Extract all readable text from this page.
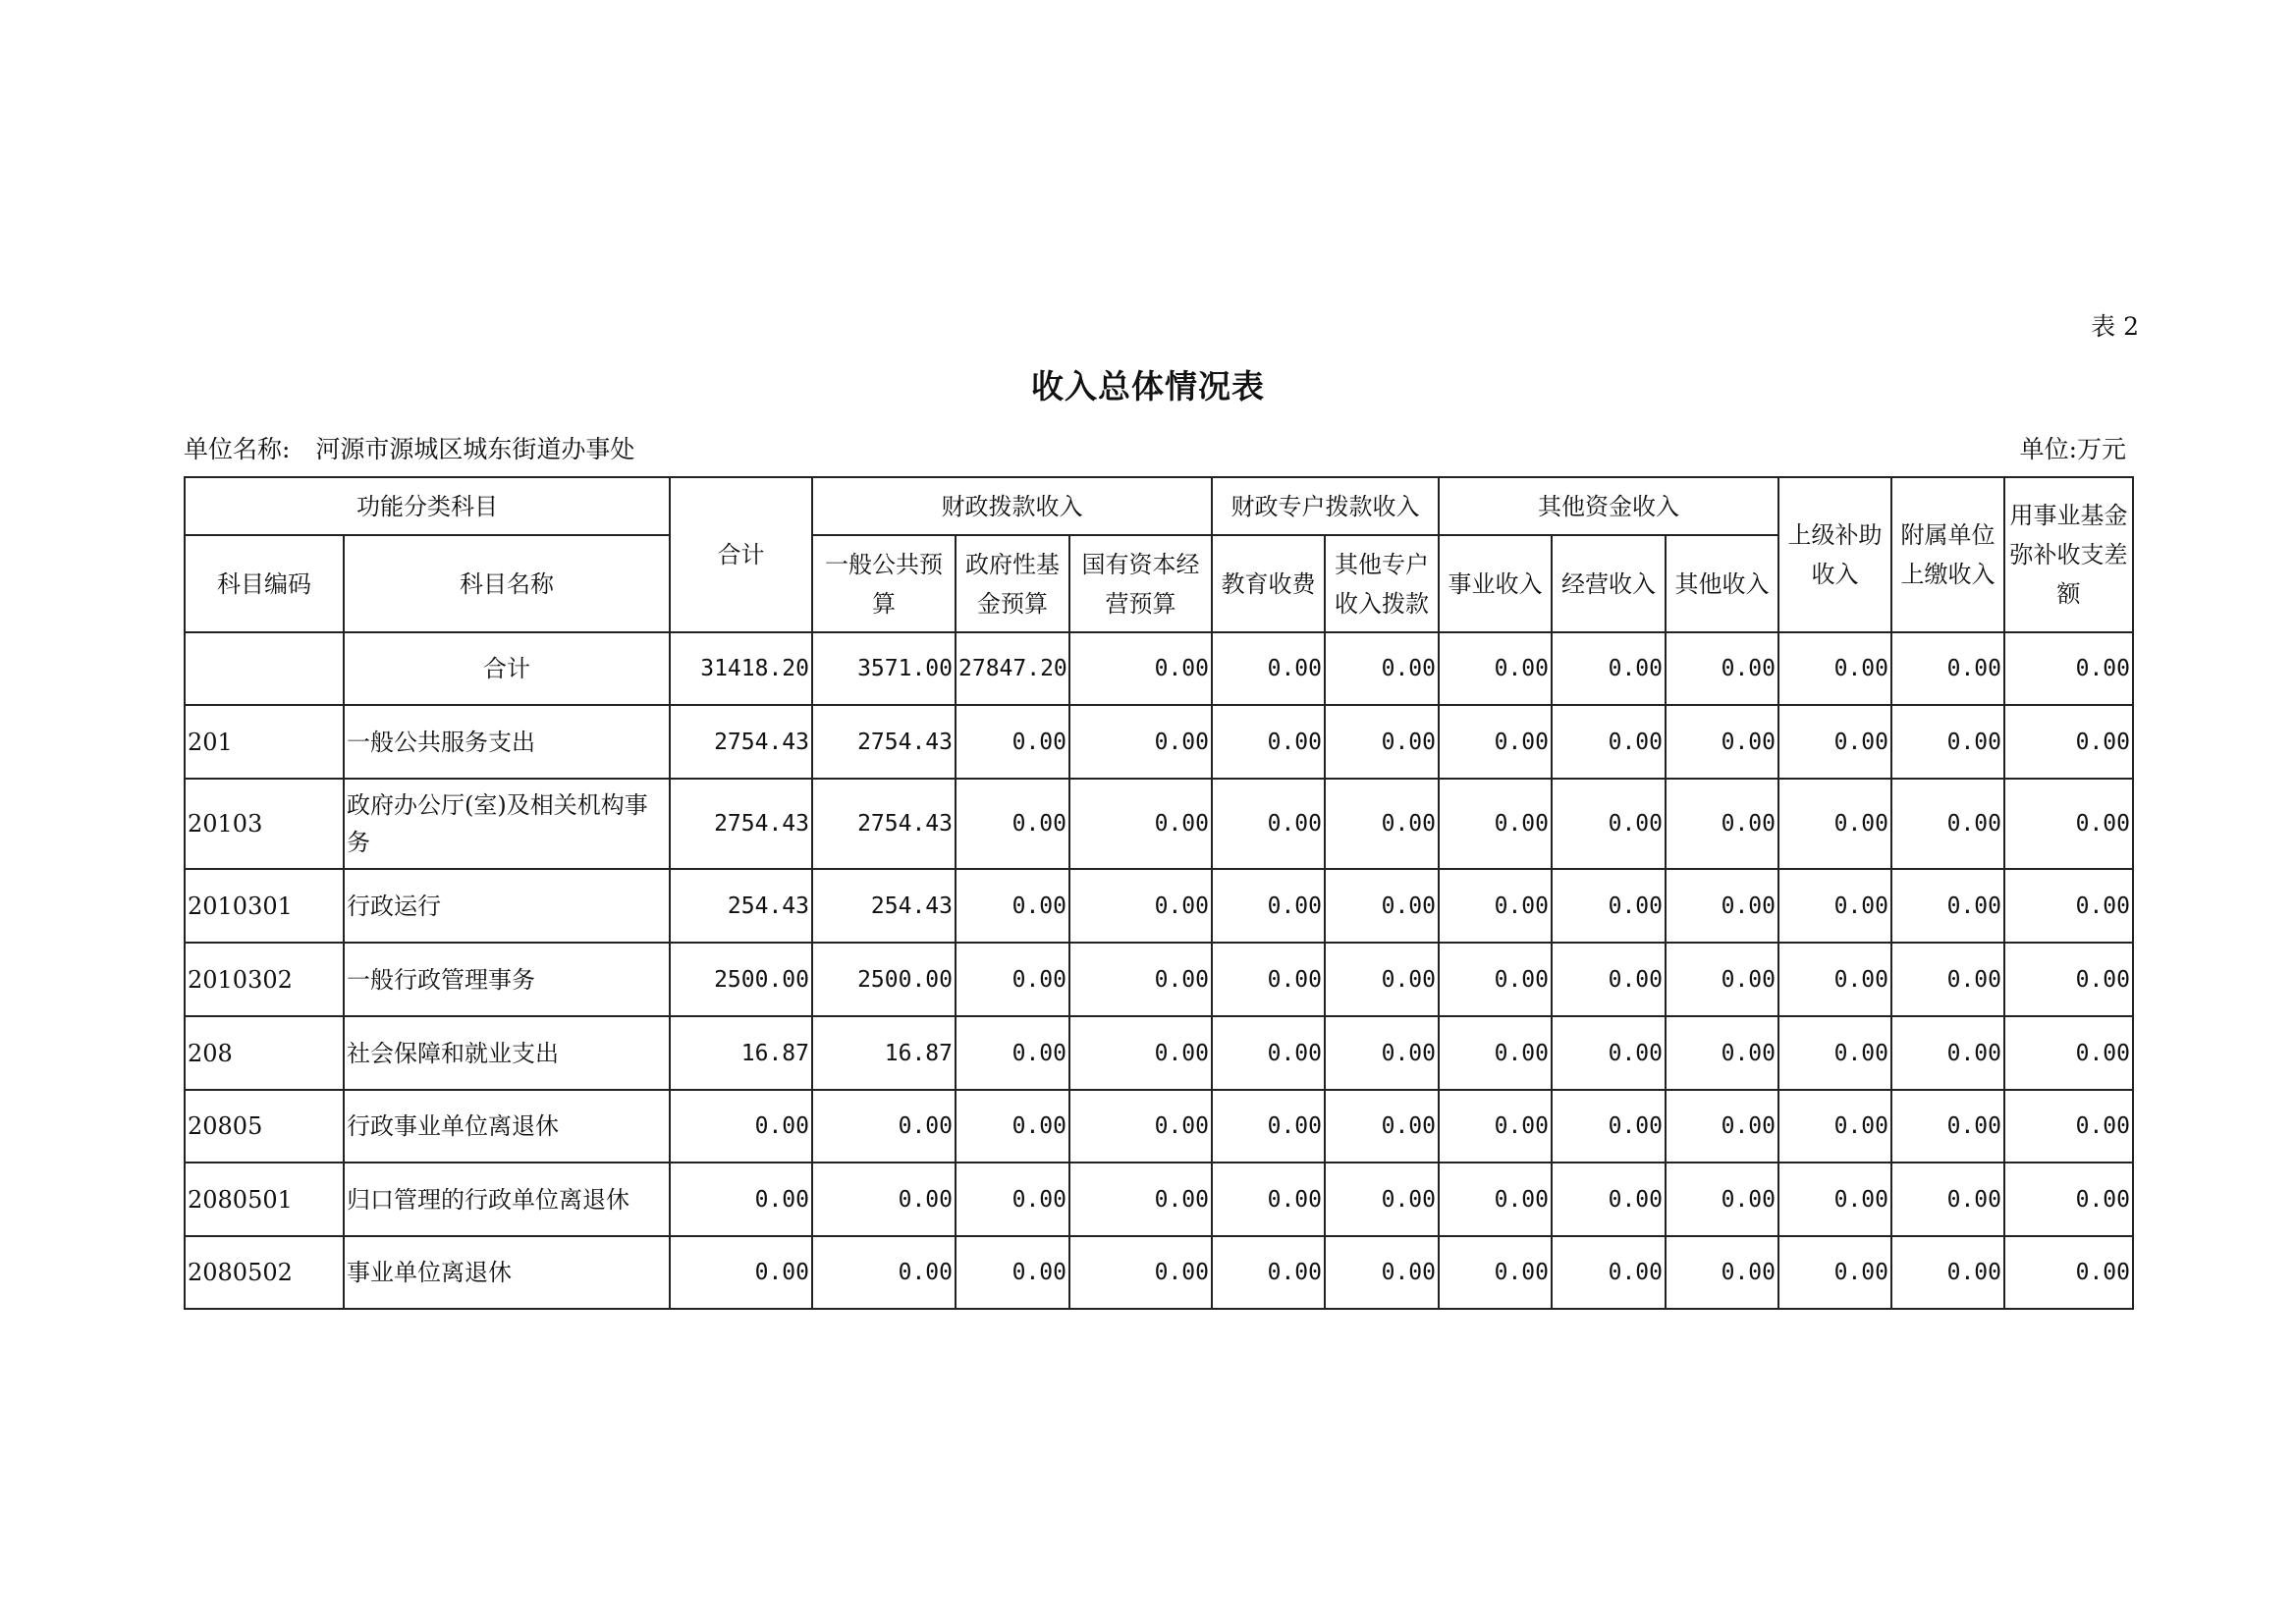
表 2
收入总体情况表
单位名称: 河源市源城区城东街道办事处	单位:万元
功能分类科目		合计	财政拨款收入			财政专户拨款收入		其他资金收入			上级补助收入	附属单位上缴收入	用事业基金弥补收支差额
科目编码	科目名称		一般公共预算	政府性基金预算	国有资本经营预算	教育收费	其他专户收入拨款	事业收入	经营收入	其他收入			
	合计	31418.20	3571.00	27847.20	0.00	0.00	0.00	0.00	0.00	0.00	0.00	0.00	0.00
201	一般公共服务支出	2754.43	2754.43	0.00	0.00	0.00	0.00	0.00	0.00	0.00	0.00	0.00	0.00
20103	政府办公厅(室)及相关机构事务	2754.43	2754.43	0.00	0.00	0.00	0.00	0.00	0.00	0.00	0.00	0.00	0.00
2010301	行政运行	254.43	254.43	0.00	0.00	0.00	0.00	0.00	0.00	0.00	0.00	0.00	0.00
2010302	一般行政管理事务	2500.00	2500.00	0.00	0.00	0.00	0.00	0.00	0.00	0.00	0.00	0.00	0.00
208	社会保障和就业支出	16.87	16.87	0.00	0.00	0.00	0.00	0.00	0.00	0.00	0.00	0.00	0.00
20805	行政事业单位离退休	0.00	0.00	0.00	0.00	0.00	0.00	0.00	0.00	0.00	0.00	0.00	0.00
2080501	归口管理的行政单位离退休	0.00	0.00	0.00	0.00	0.00	0.00	0.00	0.00	0.00	0.00	0.00	0.00
2080502	事业单位离退休	0.00	0.00	0.00	0.00	0.00	0.00	0.00	0.00	0.00	0.00	0.00	0.00
